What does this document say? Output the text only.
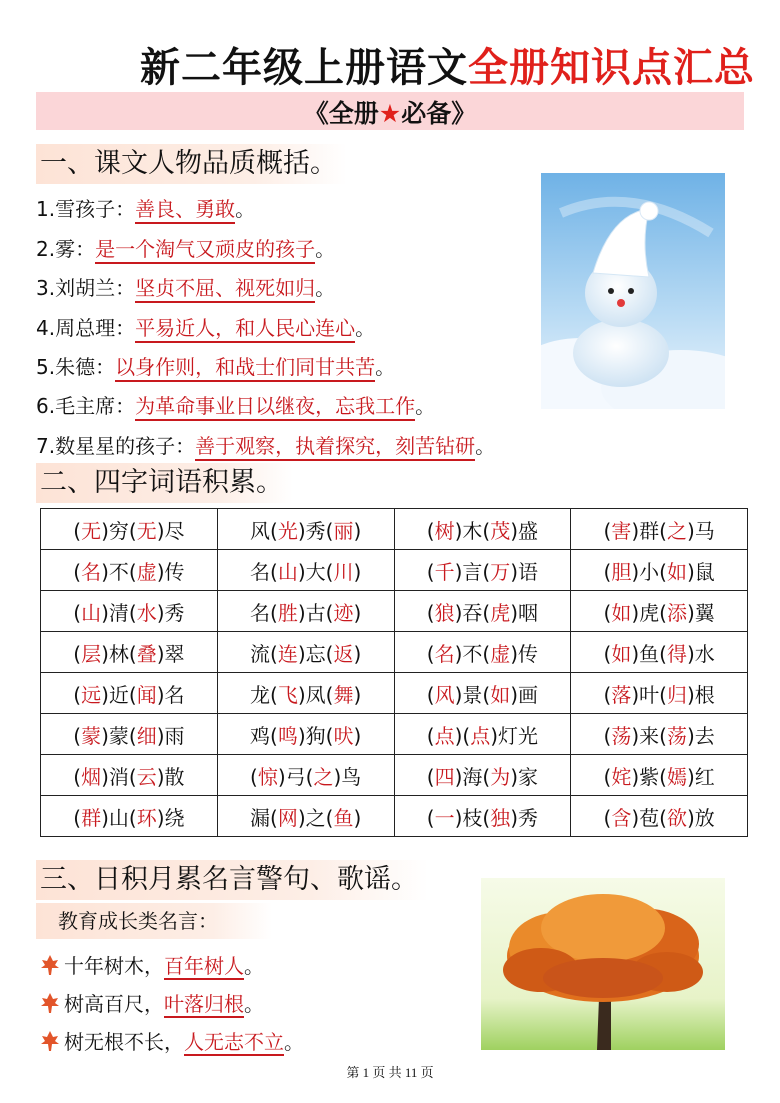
新二年级上册语文全册知识点汇总
《全册★必备》
一、课文人物品质概括。
1.雪孩子：善良、勇敢。
2.雾：是一个淘气又顽皮的孩子。
3.刘胡兰：坚贞不屈、视死如归。
4.周总理：平易近人，和人民心连心。
5.朱德：以身作则，和战士们同甘共苦。
6.毛主席：为革命事业日以继夜，忘我工作。
7.数星星的孩子：善于观察，执着探究，刻苦钻研。
二、四字词语积累。
(无)穷(无)尽	风(光)秀(丽)	(树)木(茂)盛	(害)群(之)马
(名)不(虚)传	名(山)大(川)	(千)言(万)语	(胆)小(如)鼠
(山)清(水)秀	名(胜)古(迹)	(狼)吞(虎)咽	(如)虎(添)翼
(层)林(叠)翠	流(连)忘(返)	(名)不(虚)传	(如)鱼(得)水
(远)近(闻)名	龙(飞)凤(舞)	(风)景(如)画	(落)叶(归)根
(蒙)蒙(细)雨	鸡(鸣)狗(吠)	(点)(点)灯光	(荡)来(荡)去
(烟)消(云)散	(惊)弓(之)鸟	(四)海(为)家	(姹)紫(嫣)红
(群)山(环)绕	漏(网)之(鱼)	(一)枝(独)秀	(含)苞(欲)放
三、日积月累名言警句、歌谣。
教育成长类名言：
十年树木，百年树人。
树高百尺，叶落归根。
树无根不长，人无志不立。
第 1 页 共 11 页
